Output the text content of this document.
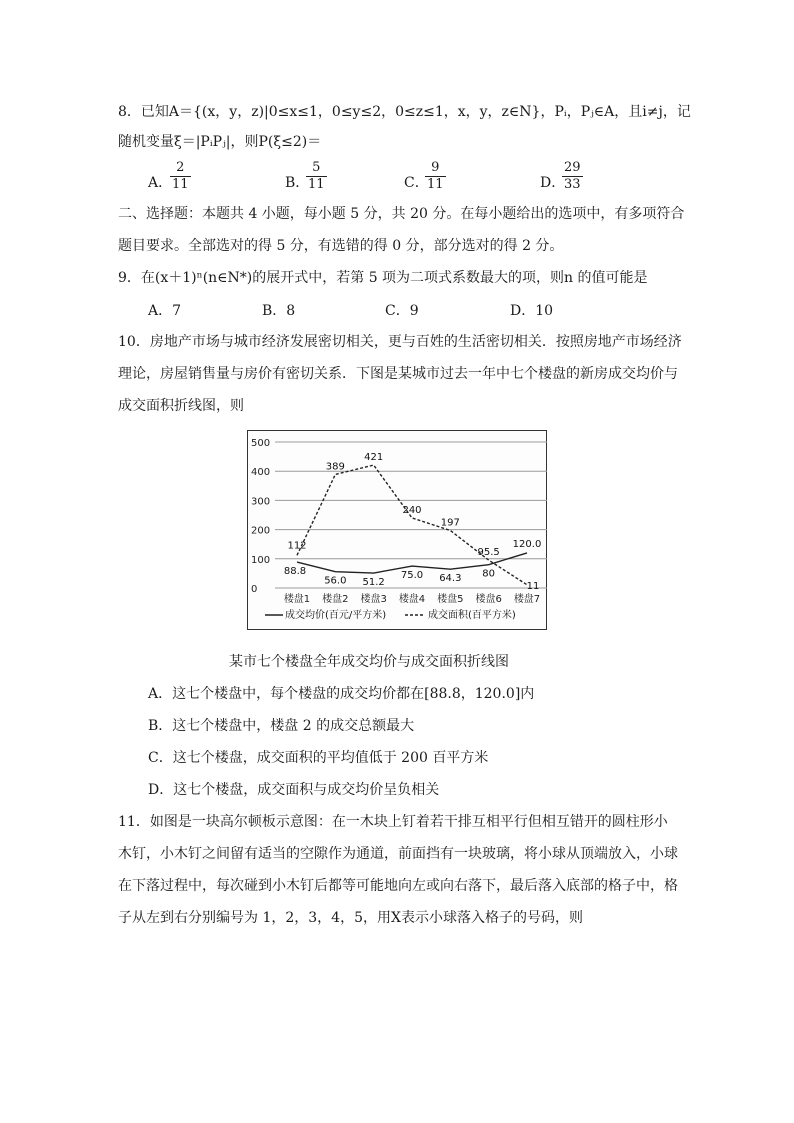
8．已知A＝{(x，y，z)|0≤x≤1，0≤y≤2，0≤z≤1，x，y，z∈N}，Pᵢ，Pⱼ∈A，且i≠j，记
随机变量ξ＝|PᵢPⱼ|，则P(ξ≤2)＝
A．
$\frac{2}{11}$	B．
$\frac{5}{11}$	C．
$\frac{9}{11}$	D．
$\frac{29}{33}$
二、选择题：本题共 4 小题，每小题 5 分，共 20 分。在每小题给出的选项中，有多项符合
题目要求。全部选对的得 5 分，有选错的得 0 分，部分选对的得 2 分。
9．在(x＋1)ⁿ(n∈N*)的展开式中，若第 5 项为二项式系数最大的项，则n 的值可能是
A．7	B．8	C．9	D．10
10．房地产市场与城市经济发展密切相关，更与百姓的生活密切相关．按照房地产市场经济
理论，房屋销售量与房价有密切关系．下图是某城市过去一年中七个楼盘的新房成交均价与
成交面积折线图，则
0
100
200
300
400
500
楼盘1 楼盘2 楼盘3 楼盘4 楼盘5 楼盘6 楼盘7
88.8
56.0 51.2
75.0 64.3 80
120.0
112
389
421
240
197
95.5
11
成交均价(百元/平方米)	成交面积(百平方米)
某市七个楼盘全年成交均价与成交面积折线图
A．这七个楼盘中，每个楼盘的成交均价都在[88.8，120.0]内
B．这七个楼盘中，楼盘 2 的成交总额最大
C．这七个楼盘，成交面积的平均值低于 200 百平方米
D．这七个楼盘，成交面积与成交均价呈负相关
11．如图是一块高尔顿板示意图：在一木块上钉着若干排互相平行但相互错开的圆柱形小
木钉，小木钉之间留有适当的空隙作为通道，前面挡有一块玻璃，将小球从顶端放入，小球
在下落过程中，每次碰到小木钉后都等可能地向左或向右落下，最后落入底部的格子中，格
子从左到右分别编号为 1，2，3，4，5，用X表示小球落入格子的号码，则
